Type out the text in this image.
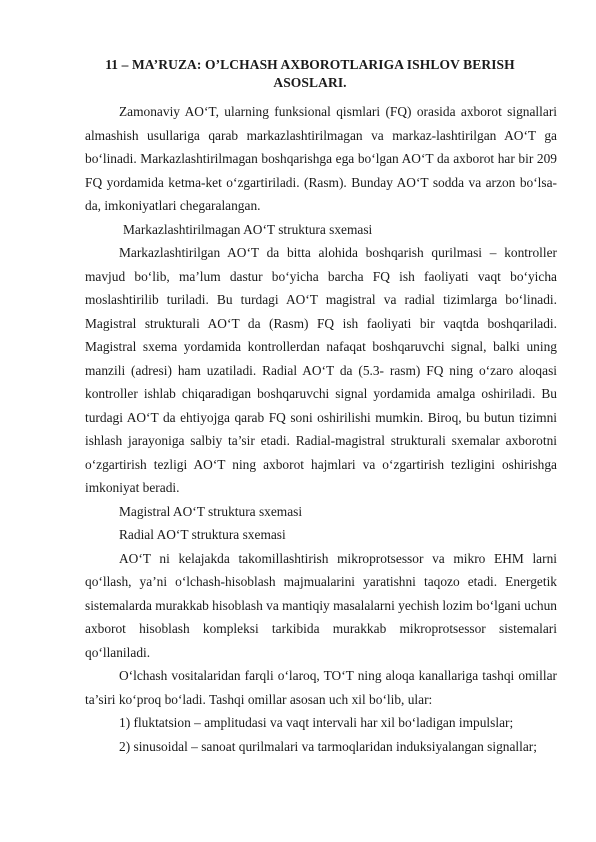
11 – MA’RUZA: O’LCHASH AXBOROTLARIGA ISHLOV BERISH ASOSLARI.

Zamonaviy AO‘T, ularning funksional qismlari (FQ) orasida axborot signallari almashish usullariga qarab markazlashtirilmagan va markaz-lashtirilgan AO‘T ga bo‘linadi. Markazlashtirilmagan boshqarishga ega bo‘lgan AO‘T da axborot har bir 209 FQ yordamida ketma-ket o‘zgartiriladi. (Rasm). Bunday AO‘T sodda va arzon bo‘lsa-da, imkoniyatlari chegaralangan.

Markazlashtirilmagan AO‘T struktura sxemasi

Markazlashtirilgan AO‘T da bitta alohida boshqarish qurilmasi – kontroller mavjud bo‘lib, ma’lum dastur bo‘yicha barcha FQ ish faoliyati vaqt bo‘yicha moslashtirilib turiladi. Bu turdagi AO‘T magistral va radial tizimlarga bo‘linadi. Magistral strukturali AO‘T da (Rasm) FQ ish faoliyati bir vaqtda boshqariladi. Magistral sxema yordamida kontrollerdan nafaqat boshqaruvchi signal, balki uning manzili (adresi) ham uzatiladi. Radial AO‘T da (5.3- rasm) FQ ning o‘zaro aloqasi kontroller ishlab chiqaradigan boshqaruvchi signal yordamida amalga oshiriladi. Bu turdagi AO‘T da ehtiyojga qarab FQ soni oshirilishi mumkin. Biroq, bu butun tizimni ishlash jarayoniga salbiy ta’sir etadi. Radial-magistral strukturali sxemalar axborotni o‘zgartirish tezligi AO‘T ning axborot hajmlari va o‘zgartirish tezligini oshirishga imkoniyat beradi.

Magistral AO‘T struktura sxemasi

Radial AO‘T struktura sxemasi

AO‘T ni kelajakda takomillashtirish mikroprotsessor va mikro EHM larni qo‘llash, ya’ni o‘lchash-hisoblash majmualarini yaratishni taqozo etadi. Energetik sistemalarda murakkab hisoblash va mantiqiy masalalarni yechish lozim bo‘lgani uchun axborot hisoblash kompleksi tarkibida murakkab mikroprotsessor sistemalari qo‘llaniladi.

O‘lchash vositalaridan farqli o‘laroq, TO‘T ning aloqa kanallariga tashqi omillar ta’siri ko‘proq bo‘ladi. Tashqi omillar asosan uch xil bo‘lib, ular:

1) fluktatsion – amplitudasi va vaqt intervali har xil bo‘ladigan impulslar;

2) sinusoidal – sanoat qurilmalari va tarmoqlaridan induksiyalangan signallar;
